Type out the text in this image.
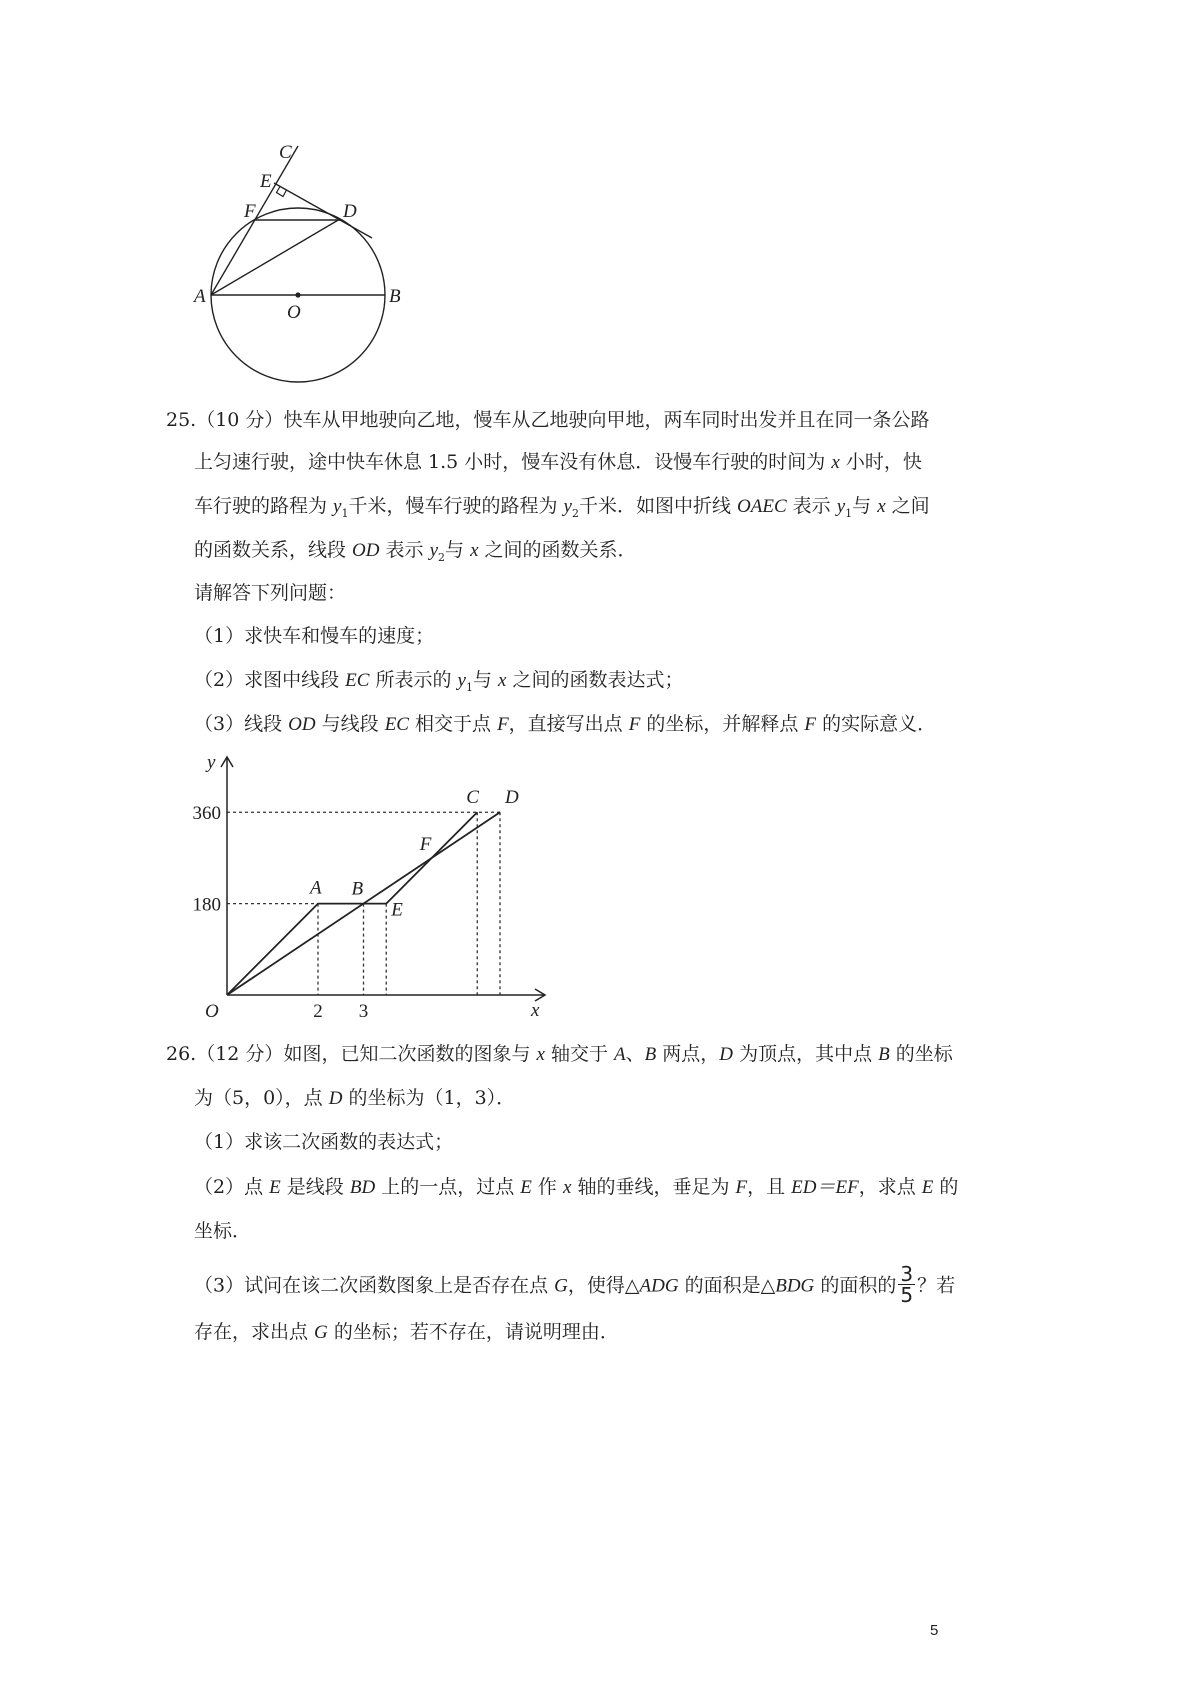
C
E
F	D
A
O
B
25.（10 分）快车从甲地驶向乙地，慢车从乙地驶向甲地，两车同时出发并且在同一条公路
上匀速行驶，途中快车休息 1.5 小时，慢车没有休息．设慢车行驶的时间为 x 小时，快
车行驶的路程为 $y_1$千米，慢车行驶的路程为 $y_2$千米．如图中折线 OAEC 表示 $y_1$与 x 之间
的函数关系，线段 OD 表示 $y_2$与 x 之间的函数关系．
请解答下列问题：
（1）求快车和慢车的速度；
（2）求图中线段 EC 所表示的 $y_1$与 x 之间的函数表达式；
（3）线段 OD 与线段 EC 相交于点 F，直接写出点 F 的坐标，并解释点 F 的实际意义．
y
x
O
360
180
2 3
A B
E
C D
F
26.（12 分）如图，已知二次函数的图象与 x 轴交于 A、B 两点，D 为顶点，其中点 B 的坐标
为（5，0），点 D 的坐标为（1，3）．
（1）求该二次函数的表达式；
（2）点 E 是线段 BD 上的一点，过点 E 作 x 轴的垂线，垂足为 F，且 ED＝EF，求点 E 的
坐标．
（3）试问在该二次函数图象上是否存在点 G，使得△ADG 的面积是△BDG 的面积的 $\frac{3}{5}$ ？若
存在，求出点 G 的坐标；若不存在，请说明理由．
5
